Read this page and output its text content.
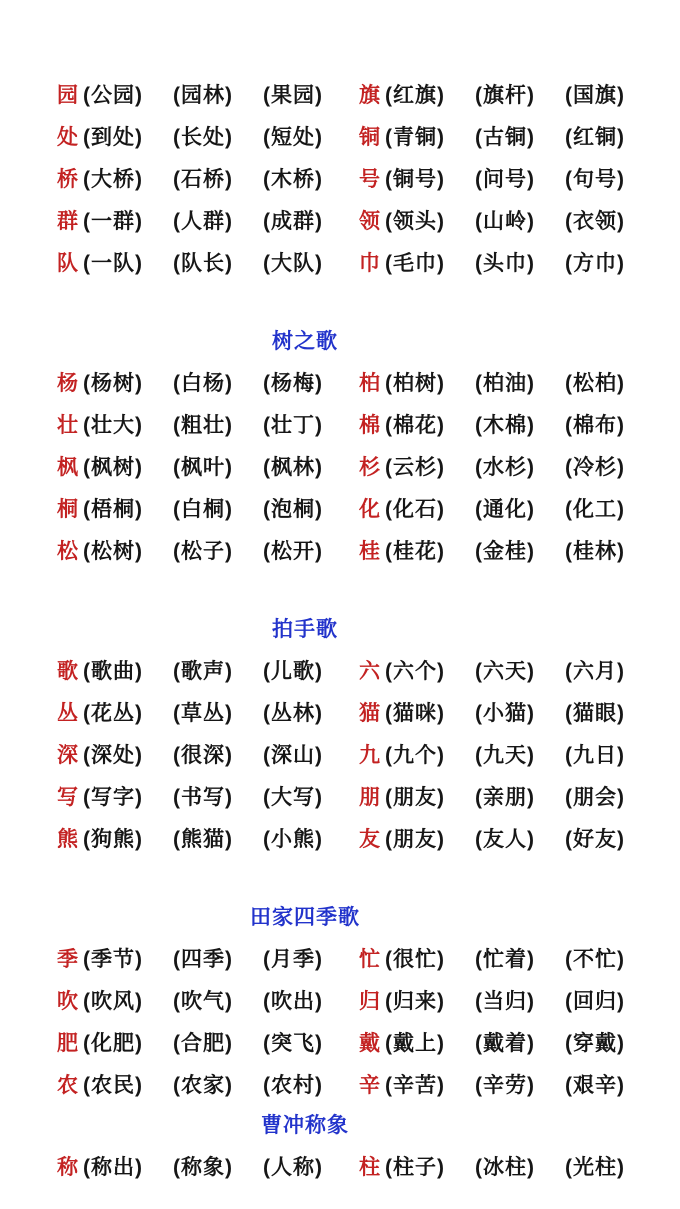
园 (公园)	(园林)	(果园)	旗 (红旗)	(旗杆)	(国旗)
处 (到处)	(长处)	(短处)	铜 (青铜)	(古铜)	(红铜)
桥 (大桥)	(石桥)	(木桥)	号 (铜号)	(问号)	(句号)
群 (一群)	(人群)	(成群)	领 (领头)	(山岭)	(衣领)
队 (一队)	(队长)	(大队)	巾 (毛巾)	(头巾)	(方巾)
树之歌
杨 (杨树)	(白杨)	(杨梅)	柏 (柏树)	(柏油)	(松柏)
壮 (壮大)	(粗壮)	(壮丁)	棉 (棉花)	(木棉)	(棉布)
枫 (枫树)	(枫叶)	(枫林)	杉 (云杉)	(水杉)	(冷杉)
桐 (梧桐)	(白桐)	(泡桐)	化 (化石)	(通化)	(化工)
松 (松树)	(松子)	(松开)	桂 (桂花)	(金桂)	(桂林)
拍手歌
歌 (歌曲)	(歌声)	(儿歌)	六 (六个)	(六天)	(六月)
丛 (花丛)	(草丛)	(丛林)	猫 (猫咪)	(小猫)	(猫眼)
深 (深处)	(很深)	(深山)	九 (九个)	(九天)	(九日)
写 (写字)	(书写)	(大写)	朋 (朋友)	(亲朋)	(朋会)
熊 (狗熊)	(熊猫)	(小熊)	友 (朋友)	(友人)	(好友)
田家四季歌
季 (季节)	(四季)	(月季)	忙 (很忙)	(忙着)	(不忙)
吹 (吹风)	(吹气)	(吹出)	归 (归来)	(当归)	(回归)
肥 (化肥)	(合肥)	(突飞)	戴 (戴上)	(戴着)	(穿戴)
农 (农民)	(农家)	(农村)	辛 (辛苦)	(辛劳)	(艰辛)
曹冲称象
称 (称出)	(称象)	(人称)	柱 (柱子)	(冰柱)	(光柱)
